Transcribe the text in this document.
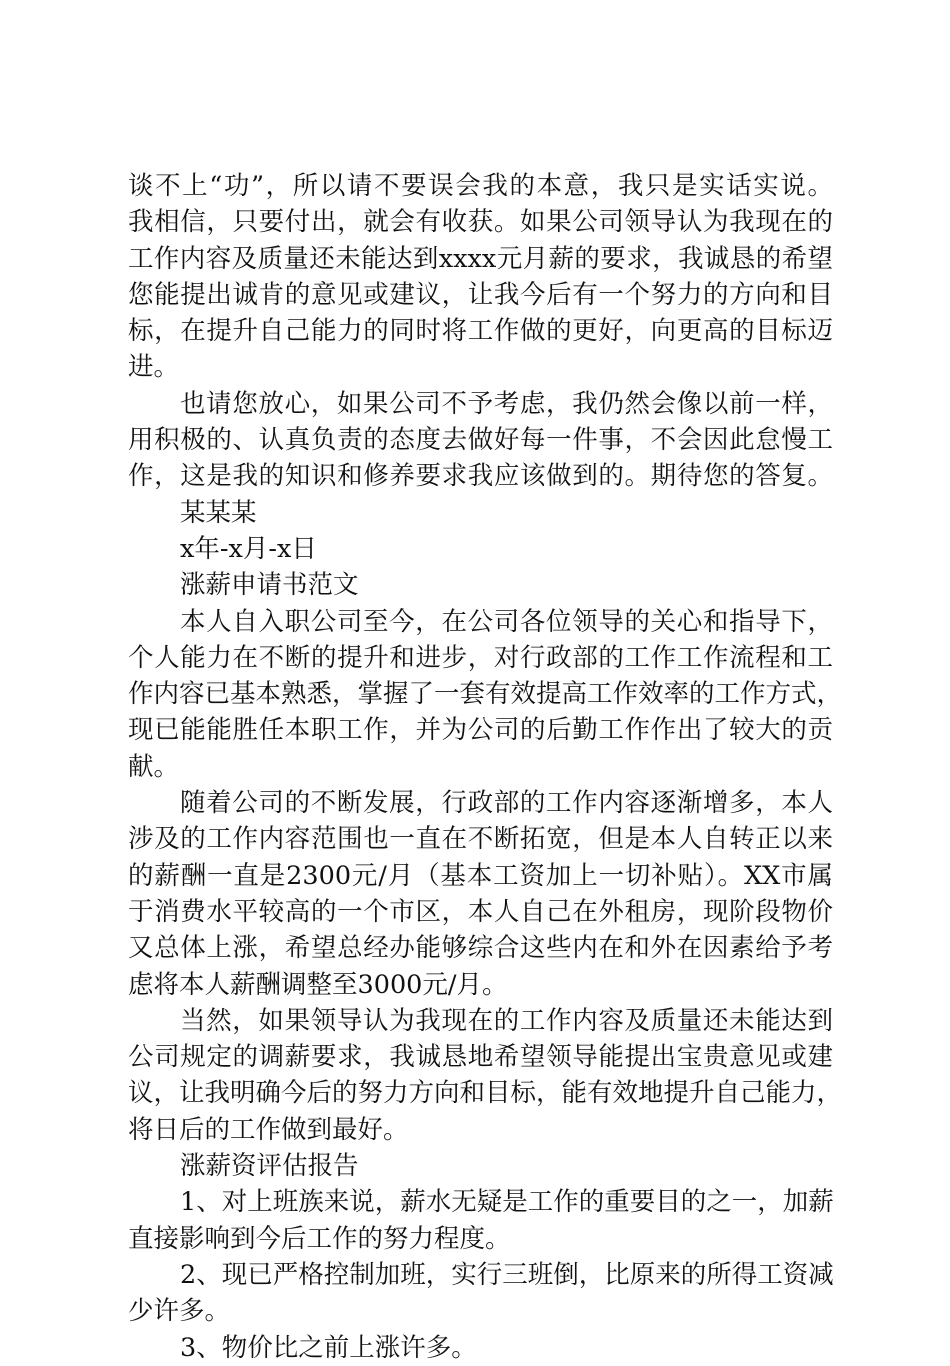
谈不上“功”，所以请不要误会我的本意，我只是实话实说。
我相信，只要付出，就会有收获。如果公司领导认为我现在的
工作内容及质量还未能达到xxxx元月薪的要求，我诚恳的希望
您能提出诚肯的意见或建议，让我今后有一个努力的方向和目
标，在提升自己能力的同时将工作做的更好，向更高的目标迈
进。
也请您放心，如果公司不予考虑，我仍然会像以前一样，
用积极的、认真负责的态度去做好每一件事，不会因此怠慢工
作，这是我的知识和修养要求我应该做到的。期待您的答复。
某某某
x年-x月-x日
涨薪申请书范文
本人自入职公司至今，在公司各位领导的关心和指导下，
个人能力在不断的提升和进步，对行政部的工作工作流程和工
作内容已基本熟悉，掌握了一套有效提高工作效率的工作方式，
现已能能胜任本职工作，并为公司的后勤工作作出了较大的贡
献。
随着公司的不断发展，行政部的工作内容逐渐增多，本人
涉及的工作内容范围也一直在不断拓宽，但是本人自转正以来
的薪酬一直是2300元/月（基本工资加上一切补贴）。XX市属
于消费水平较高的一个市区，本人自己在外租房，现阶段物价
又总体上涨，希望总经办能够综合这些内在和外在因素给予考
虑将本人薪酬调整至3000元/月。
当然，如果领导认为我现在的工作内容及质量还未能达到
公司规定的调薪要求，我诚恳地希望领导能提出宝贵意见或建
议，让我明确今后的努力方向和目标，能有效地提升自己能力，
将日后的工作做到最好。
涨薪资评估报告
1、对上班族来说，薪水无疑是工作的重要目的之一，加薪
直接影响到今后工作的努力程度。
2、现已严格控制加班，实行三班倒，比原来的所得工资减
少许多。
3、物价比之前上涨许多。
